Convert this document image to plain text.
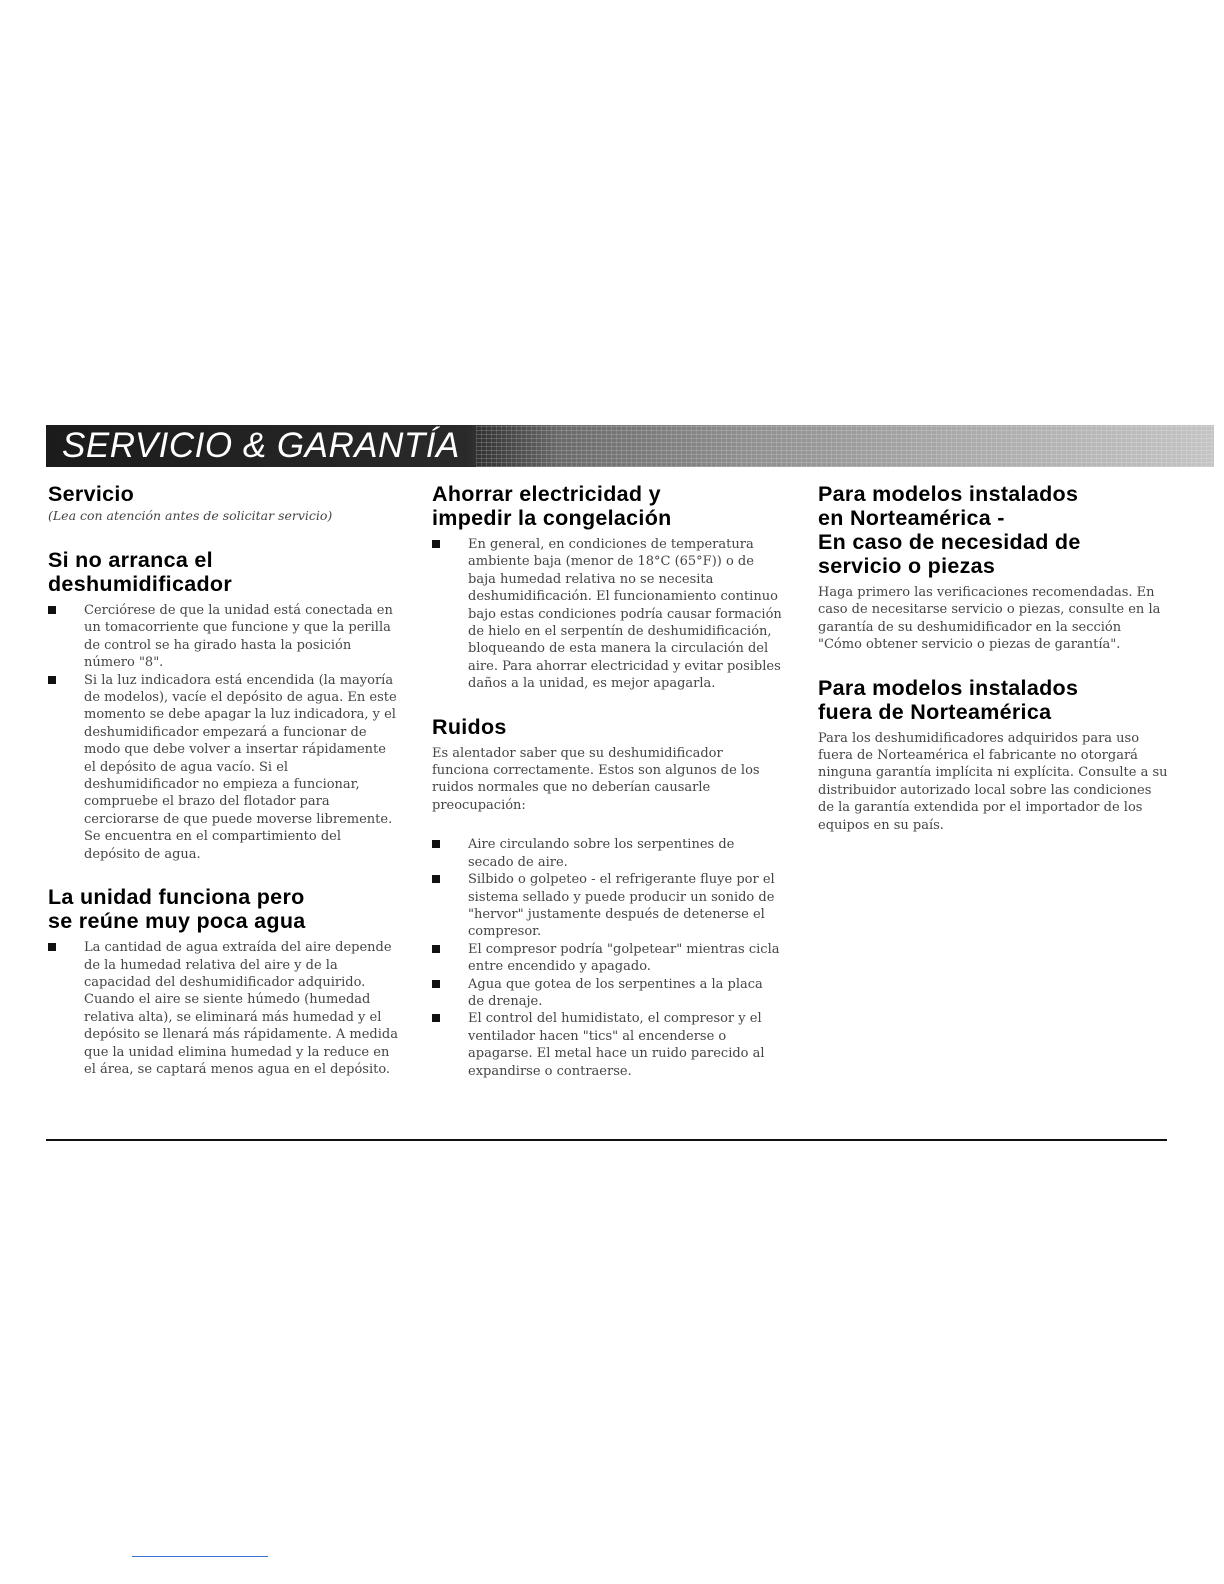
SERVICIO & GARANTÍA
Servicio
(Lea con atención antes de solicitar servicio)
Si no arranca el
deshumidificador
Cerciórese de que la unidad está conectada en un tomacorriente que funcione y que la perilla de control se ha girado hasta la posición número "8".
Si la luz indicadora está encendida (la mayoría de modelos), vacíe el depósito de agua. En este momento se debe apagar la luz indicadora, y el deshumidificador empezará a funcionar de modo que debe volver a insertar rápidamente el depósito de agua vacío. Si el deshumidificador no empieza a funcionar, compruebe el brazo del flotador para cerciorarse de que puede moverse libremente. Se encuentra en el compartimiento del depósito de agua.
La unidad funciona pero
se reúne muy poca agua
La cantidad de agua extraída del aire depende de la humedad relativa del aire y de la capacidad del deshumidificador adquirido. Cuando el aire se siente húmedo (humedad relativa alta), se eliminará más humedad y el depósito se llenará más rápidamente. A medida que la unidad elimina humedad y la reduce en el área, se captará menos agua en el depósito.
Ahorrar electricidad y
impedir la congelación
En general, en condiciones de temperatura ambiente baja (menor de 18°C (65°F)) o de baja humedad relativa no se necesita deshumidificación. El funcionamiento continuo bajo estas condiciones podría causar formación de hielo en el serpentín de deshumidificación, bloqueando de esta manera la circulación del aire. Para ahorrar electricidad y evitar posibles daños a la unidad, es mejor apagarla.
Ruidos

Es alentador saber que su deshumidificador funciona correctamente. Estos son algunos de los ruidos normales que no deberían causarle preocupación:

Aire circulando sobre los serpentines de secado de aire.
Silbido o golpeteo - el refrigerante fluye por el sistema sellado y puede producir un sonido de "hervor" justamente después de detenerse el compresor.
El compresor podría "golpetear" mientras cicla entre encendido y apagado.
Agua que gotea de los serpentines a la placa de drenaje.
El control del humidistato, el compresor y el ventilador hacen "tics" al encenderse o apagarse. El metal hace un ruido parecido al expandirse o contraerse.
Para modelos instalados
en Norteamérica -
En caso de necesidad de
servicio o piezas

Haga primero las verificaciones recomendadas. En caso de necesitarse servicio o piezas, consulte en la garantía de su deshumidificador en la sección "Cómo obtener servicio o piezas de garantía".

Para modelos instalados
fuera de Norteamérica

Para los deshumidificadores adquiridos para uso fuera de Norteamérica el fabricante no otorgará ninguna garantía implícita ni explícita. Consulte a su distribuidor autorizado local sobre las condiciones de la garantía extendida por el importador de los equipos en su país.
